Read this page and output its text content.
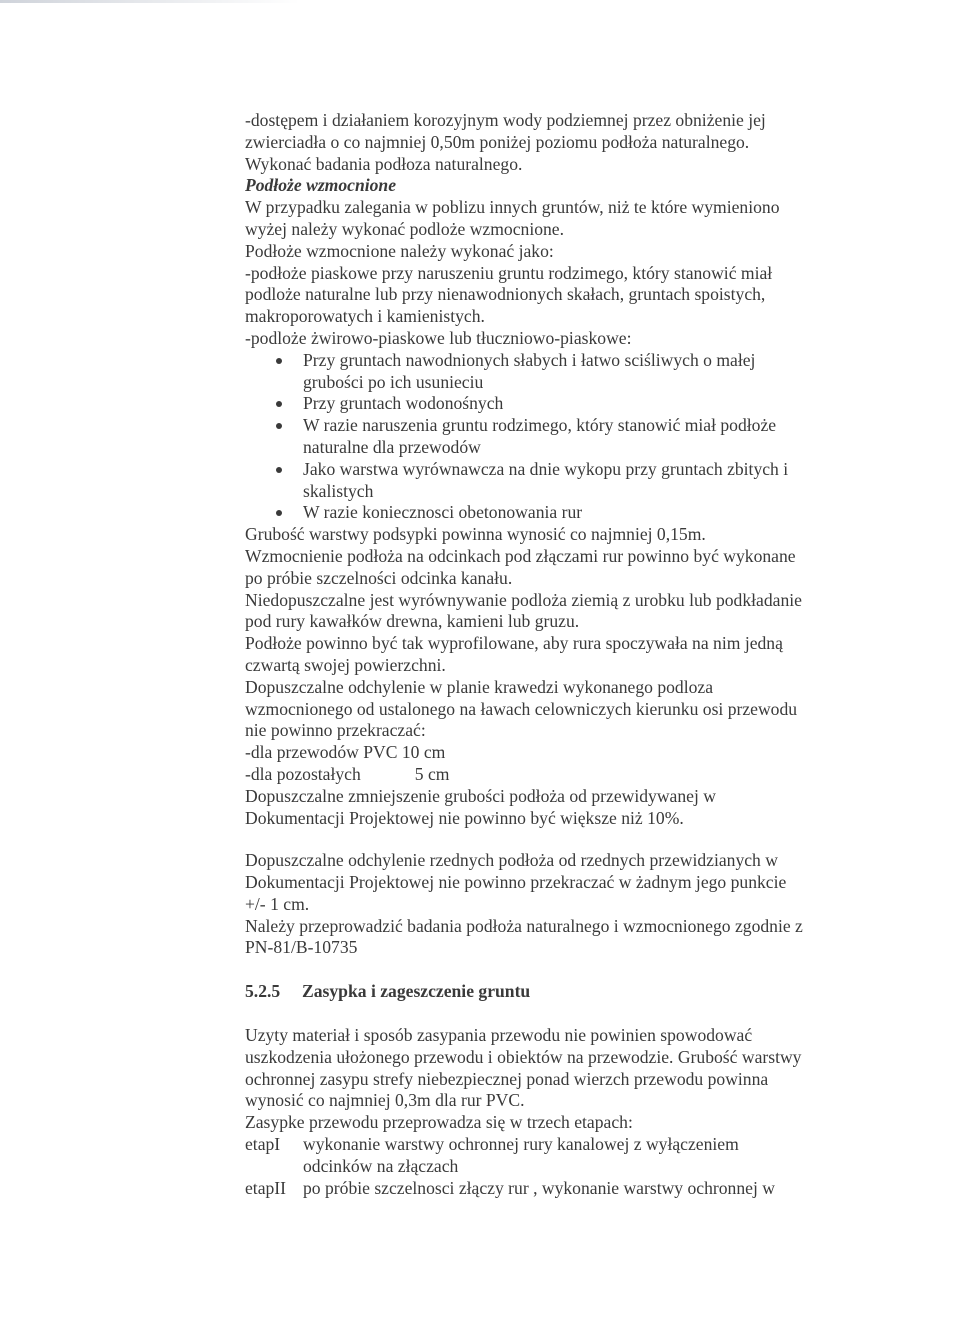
-dostępem i działaniem korozyjnym wody podziemnej przez obniżenie jej
zwierciadła o co najmniej 0,50m poniżej poziomu podłoża naturalnego.
Wykonać badania podłoza naturalnego.
Podłoże wzmocnione
W przypadku zalegania w poblizu innych gruntów, niż te które wymieniono
wyżej należy wykonać podloże wzmocnione.
Podłoże wzmocnione należy wykonać jako:
-podłoże piaskowe przy naruszeniu gruntu rodzimego, który stanowić miał
podloże naturalne lub przy nienawodnionych skałach, gruntach spoistych,
makroporowatych i kamienistych.
-podloże żwirowo-piaskowe lub tłuczniowo-piaskowe:
Przy gruntach nawodnionych słabych i łatwo sciśliwych o małej
grubości po ich usunieciu
Przy gruntach wodonośnych
W razie naruszenia gruntu rodzimego, który stanowić miał podłoże
naturalne dla przewodów
Jako warstwa wyrównawcza na dnie wykopu przy gruntach zbitych i
skalistych
W razie koniecznosci obetonowania rur
Grubość warstwy podsypki powinna wynosić co najmniej 0,15m.
Wzmocnienie podłoża na odcinkach pod złączami rur powinno być wykonane
po próbie szczelności odcinka kanału.
Niedopuszczalne jest wyrównywanie podloża ziemią z urobku lub podkładanie
pod rury kawałków drewna, kamieni lub gruzu.
Podłoże powinno być tak wyprofilowane, aby rura spoczywała na nim jedną
czwartą swojej powierzchni.
Dopuszczalne odchylenie w planie krawedzi wykonanego podloza
wzmocnionego od ustalonego na ławach celowniczych kierunku osi przewodu
nie powinno przekraczać:
-dla przewodów PVC 10 cm
-dla pozostałych	5 cm
Dopuszczalne zmniejszenie grubości podłoża od przewidywanej w
Dokumentacji Projektowej nie powinno być większe niż 10%.
Dopuszczalne odchylenie rzednych podłoża od rzednych przewidzianych w
Dokumentacji Projektowej nie powinno przekraczać w żadnym jego punkcie
+/- 1 cm.
Należy przeprowadzić badania podłoża naturalnego i wzmocnionego zgodnie z
PN-81/B-10735
5.2.5	Zasypka i zageszczenie gruntu
Uzyty materiał i sposób zasypania przewodu nie powinien spowodować
uszkodzenia ułożonego przewodu i obiektów na przewodzie. Grubość warstwy
ochronnej zasypu strefy niebezpiecznej ponad wierzch przewodu powinna
wynosić co najmniej 0,3m dla rur PVC.
Zasypke przewodu przeprowadza się w trzech etapach:
etapI	wykonanie warstwy ochronnej rury kanalowej z wyłączeniem
odcinków na złączach
etapII po próbie szczelnosci złączy rur , wykonanie warstwy ochronnej w
